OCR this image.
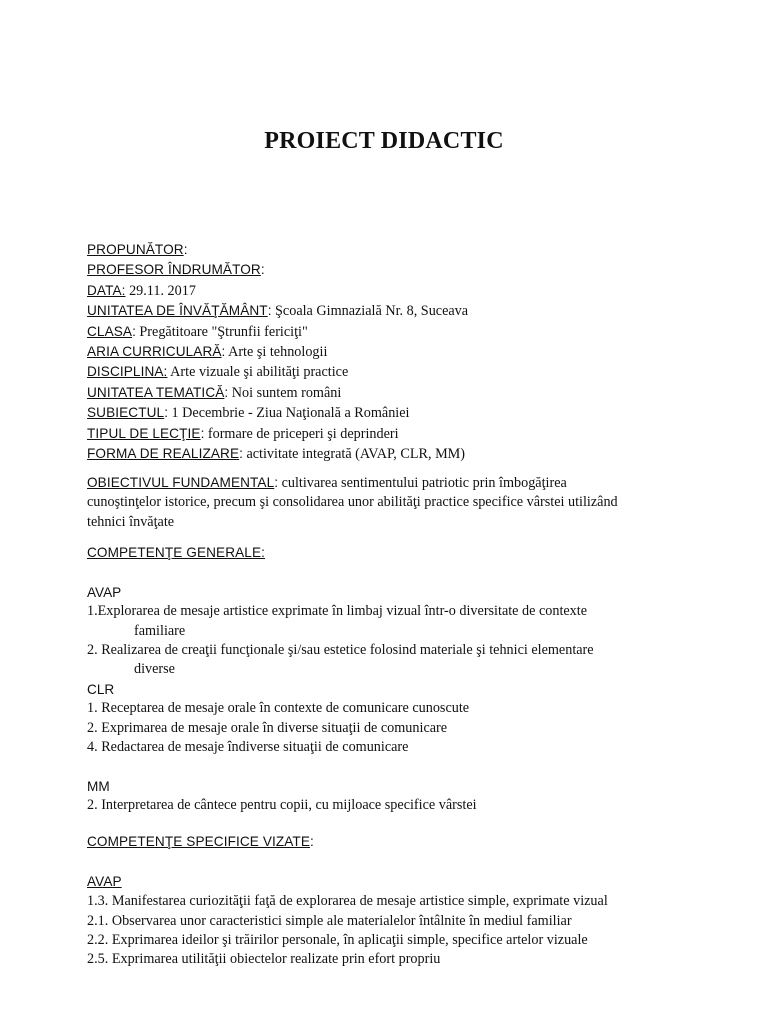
PROIECT DIDACTIC
PROPUNĂTOR:
PROFESOR ÎNDRUMĂTOR:
DATA: 29.11. 2017
UNITATEA DE ÎNVĂŢĂMÂNT: Şcoala Gimnazială Nr. 8, Suceava
CLASA: Pregătitoare "Ştrunfii fericiţi"
ARIA CURRICULARĂ: Arte şi tehnologii
DISCIPLINA: Arte vizuale şi abilităţi practice
UNITATEA TEMATICĂ: Noi suntem români
SUBIECTUL: 1 Decembrie - Ziua Naţională a României
TIPUL DE LECŢIE: formare de priceperi şi deprinderi
FORMA DE REALIZARE: activitate integrată (AVAP, CLR, MM)
OBIECTIVUL FUNDAMENTAL: cultivarea sentimentului patriotic prin îmbogăţirea
cunoştinţelor istorice, precum şi consolidarea unor abilităţi practice specifice vârstei utilizând
tehnici învăţate
COMPETENŢE GENERALE:
AVAP
1.Explorarea de mesaje artistice exprimate în limbaj vizual într-o diversitate de contexte
familiare
2. Realizarea de creaţii funcţionale şi/sau estetice folosind materiale şi tehnici elementare
diverse
CLR
1. Receptarea de mesaje orale în contexte de comunicare cunoscute
2. Exprimarea de mesaje orale în diverse situaţii de comunicare
4. Redactarea de mesaje îndiverse situaţii de comunicare
MM
2. Interpretarea de cântece pentru copii, cu mijloace specifice vârstei
COMPETENŢE SPECIFICE VIZATE:
AVAP
1.3. Manifestarea curiozităţii faţă de explorarea de mesaje artistice simple, exprimate vizual
2.1. Observarea unor caracteristici simple ale materialelor întâlnite în mediul familiar
2.2. Exprimarea ideilor şi trăirilor personale, în aplicaţii simple, specifice artelor vizuale
2.5. Exprimarea utilităţii obiectelor realizate prin efort propriu
